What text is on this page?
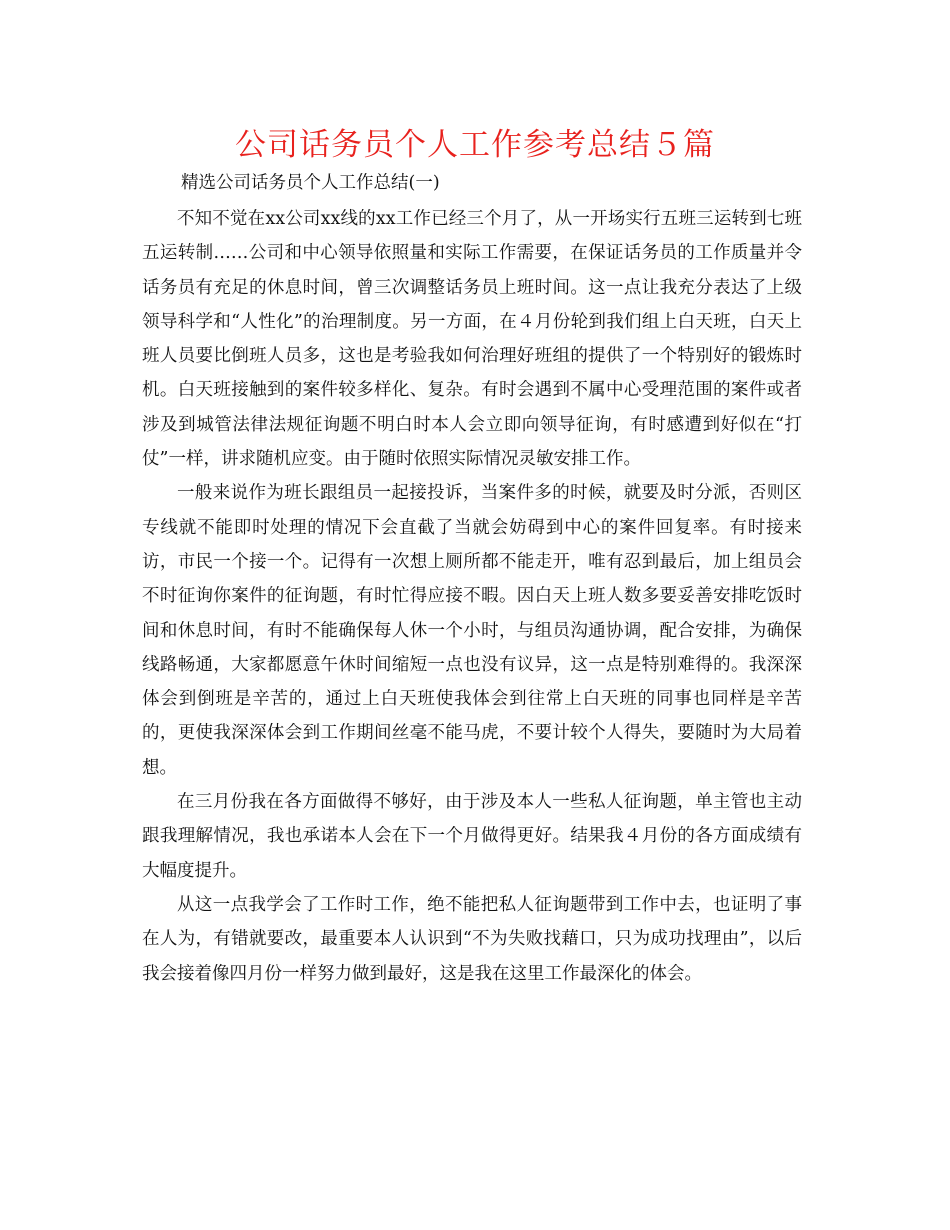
公司话务员个人工作参考总结５篇
精选公司话务员个人工作总结(一)

不知不觉在xx公司xx线的xx工作已经三个月了，从一开场实行五班三运转到七班五运转制……公司和中心领导依照量和实际工作需要，在保证话务员的工作质量并令话务员有充足的休息时间，曾三次调整话务员上班时间。这一点让我充分表达了上级领导科学和“人性化”的治理制度。另一方面，在４月份轮到我们组上白天班，白天上班人员要比倒班人员多，这也是考验我如何治理好班组的提供了一个特别好的锻炼时机。白天班接触到的案件较多样化、复杂。有时会遇到不属中心受理范围的案件或者涉及到城管法律法规征询题不明白时本人会立即向领导征询，有时感遭到好似在“打仗”一样，讲求随机应变。由于随时依照实际情况灵敏安排工作。

一般来说作为班长跟组员一起接投诉，当案件多的时候，就要及时分派，否则区专线就不能即时处理的情况下会直截了当就会妨碍到中心的案件回复率。有时接来访，市民一个接一个。记得有一次想上厕所都不能走开，唯有忍到最后，加上组员会不时征询你案件的征询题，有时忙得应接不暇。因白天上班人数多要妥善安排吃饭时间和休息时间，有时不能确保每人休一个小时，与组员沟通协调，配合安排，为确保线路畅通，大家都愿意午休时间缩短一点也没有议异，这一点是特别难得的。我深深体会到倒班是辛苦的，通过上白天班使我体会到往常上白天班的同事也同样是辛苦的，更使我深深体会到工作期间丝毫不能马虎，不要计较个人得失，要随时为大局着想。

在三月份我在各方面做得不够好，由于涉及本人一些私人征询题，单主管也主动跟我理解情况，我也承诺本人会在下一个月做得更好。结果我４月份的各方面成绩有大幅度提升。

从这一点我学会了工作时工作，绝不能把私人征询题带到工作中去，也证明了事在人为，有错就要改，最重要本人认识到“不为失败找藉口，只为成功找理由”，以后我会接着像四月份一样努力做到最好，这是我在这里工作最深化的体会。
